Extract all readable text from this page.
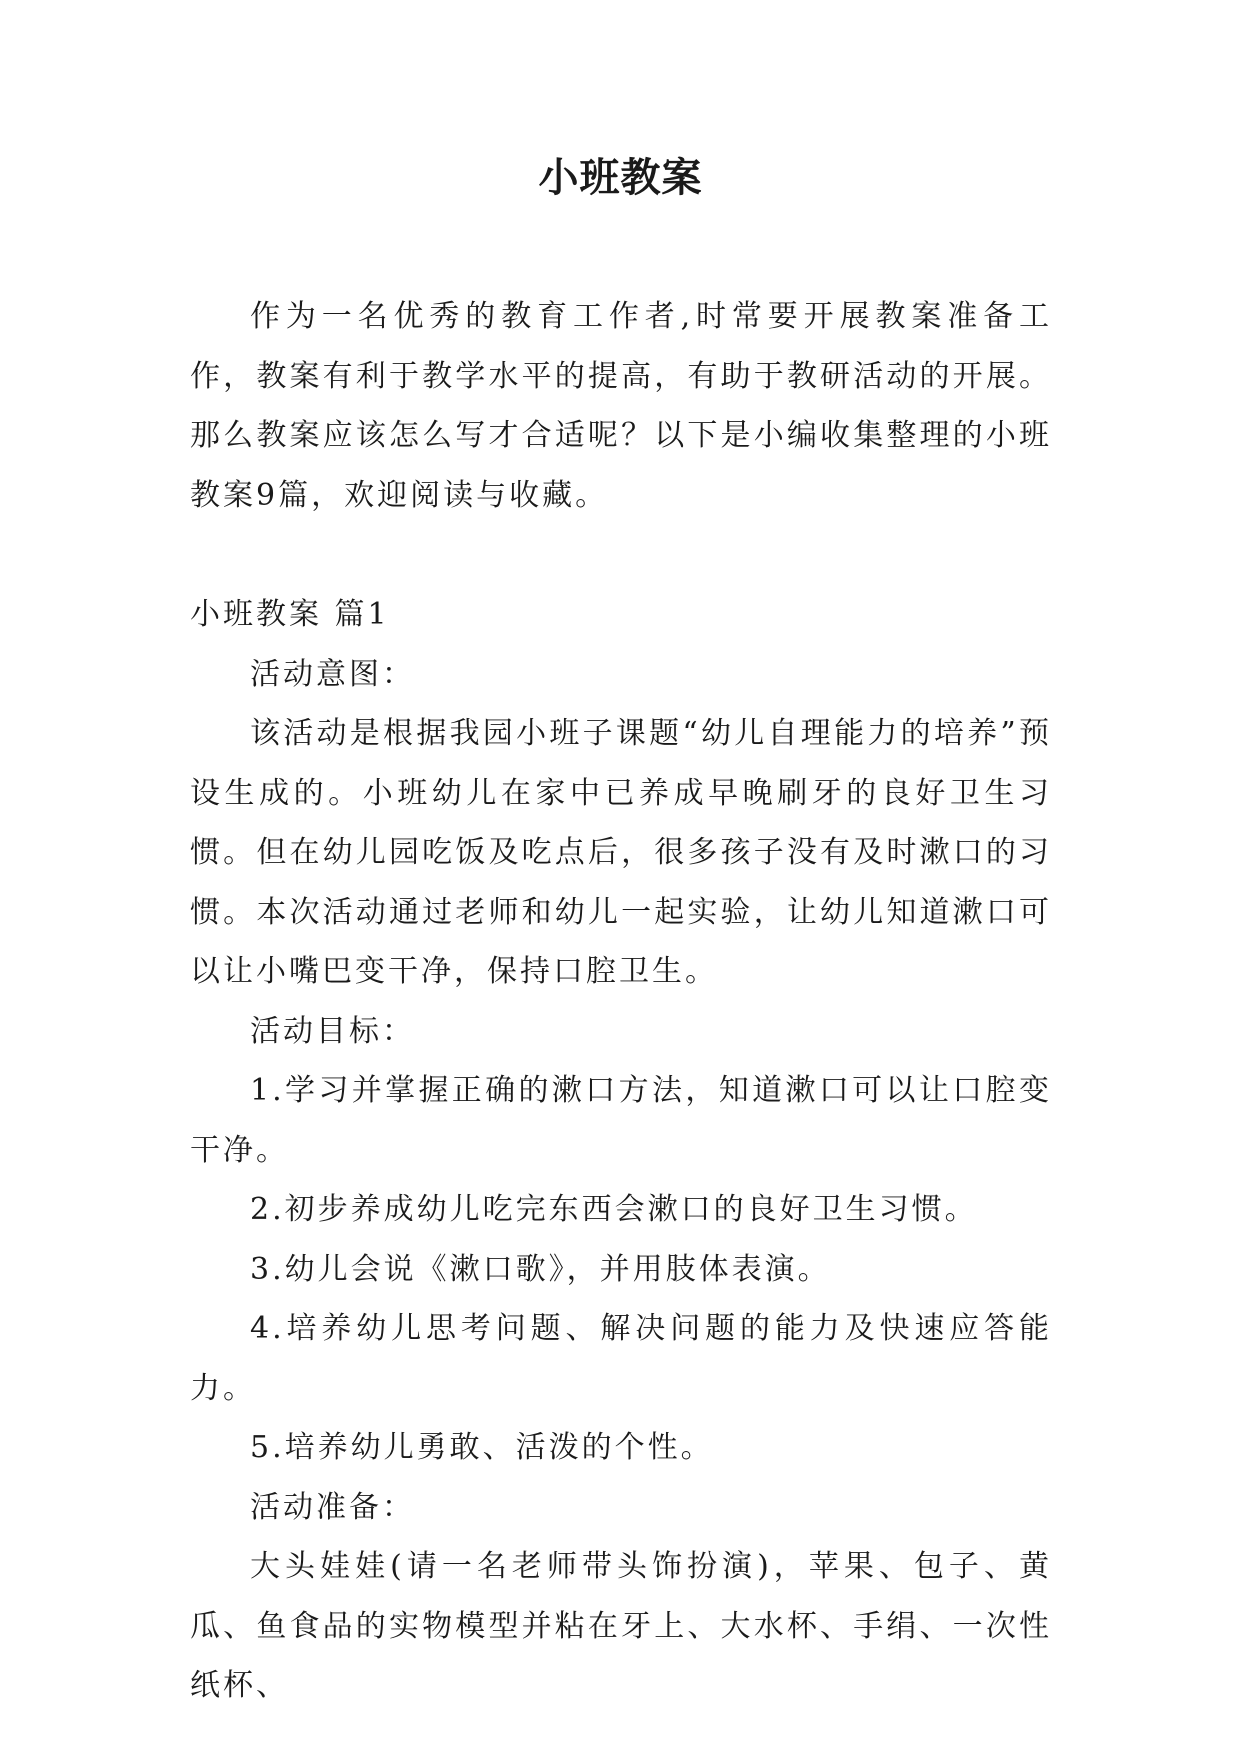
小班教案

作为一名优秀的教育工作者,时常要开展教案准备工作，教案有利于教学水平的提高，有助于教研活动的开展。那么教案应该怎么写才合适呢？以下是小编收集整理的小班教案9篇，欢迎阅读与收藏。

小班教案 篇1

活动意图：

该活动是根据我园小班子课题“幼儿自理能力的培养”预设生成的。小班幼儿在家中已养成早晚刷牙的良好卫生习惯。但在幼儿园吃饭及吃点后，很多孩子没有及时漱口的习惯。本次活动通过老师和幼儿一起实验，让幼儿知道漱口可以让小嘴巴变干净，保持口腔卫生。

活动目标：

1.学习并掌握正确的漱口方法，知道漱口可以让口腔变干净。

2.初步养成幼儿吃完东西会漱口的良好卫生习惯。

3.幼儿会说《漱口歌》，并用肢体表演。

4.培养幼儿思考问题、解决问题的能力及快速应答能力。

5.培养幼儿勇敢、活泼的个性。

活动准备：

大头娃娃(请一名老师带头饰扮演)，苹果、包子、黄瓜、鱼食品的实物模型并粘在牙上、大水杯、手绢、一次性纸杯、
